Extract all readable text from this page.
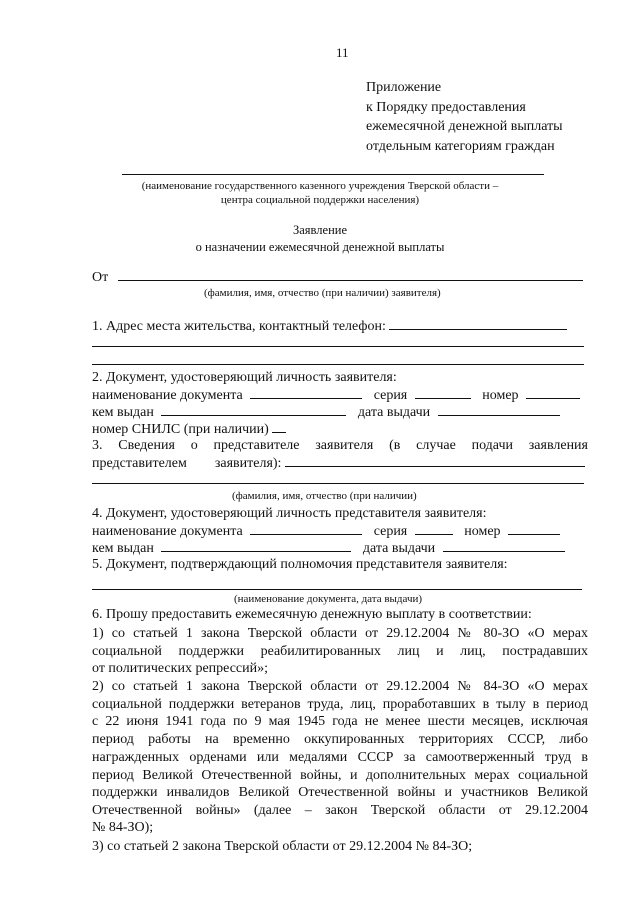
11
Приложение
к Порядку предоставления
ежемесячной денежной выплаты
отдельным категориям граждан
(наименование государственного казенного учреждения Тверской области –
центра социальной поддержки населения)
Заявление
о назначении ежемесячной денежной выплаты
От
(фамилия, имя, отчество (при наличии) заявителя)
1. Адрес места жительства, контактный телефон:
2. Документ, удостоверяющий личность заявителя:
наименование документа	серия	номер
кем выдан	дата выдачи
номер СНИЛС (при наличии)
3. Сведения о представителе заявителя (в случае подачи заявления
представителем        заявителя):
(фамилия, имя, отчество (при наличии)
4. Документ, удостоверяющий личность представителя заявителя:
наименование документа	серия	номер
кем выдан	дата выдачи
5. Документ, подтверждающий полномочия представителя заявителя:
(наименование документа, дата выдачи)
6. Прошу предоставить ежемесячную денежную выплату в соответствии:
1) со статьей 1 закона Тверской области от 29.12.2004 № 80-ЗО «О мерах
социальной поддержки реабилитированных лиц и лиц, пострадавших
от политических репрессий»;
2) со статьей 1 закона Тверской области от 29.12.2004 № 84-ЗО «О мерах
социальной поддержки ветеранов труда, лиц, проработавших в тылу в период
с 22 июня 1941 года по 9 мая 1945 года не менее шести месяцев, исключая
период работы на временно оккупированных территориях СССР, либо
награжденных орденами или медалями СССР за самоотверженный труд в
период Великой Отечественной войны, и дополнительных мерах социальной
поддержки инвалидов Великой Отечественной войны и участников Великой
Отечественной войны» (далее – закон Тверской области от 29.12.2004
№ 84-ЗО);
3) со статьей 2 закона Тверской области от 29.12.2004 № 84-ЗО;
